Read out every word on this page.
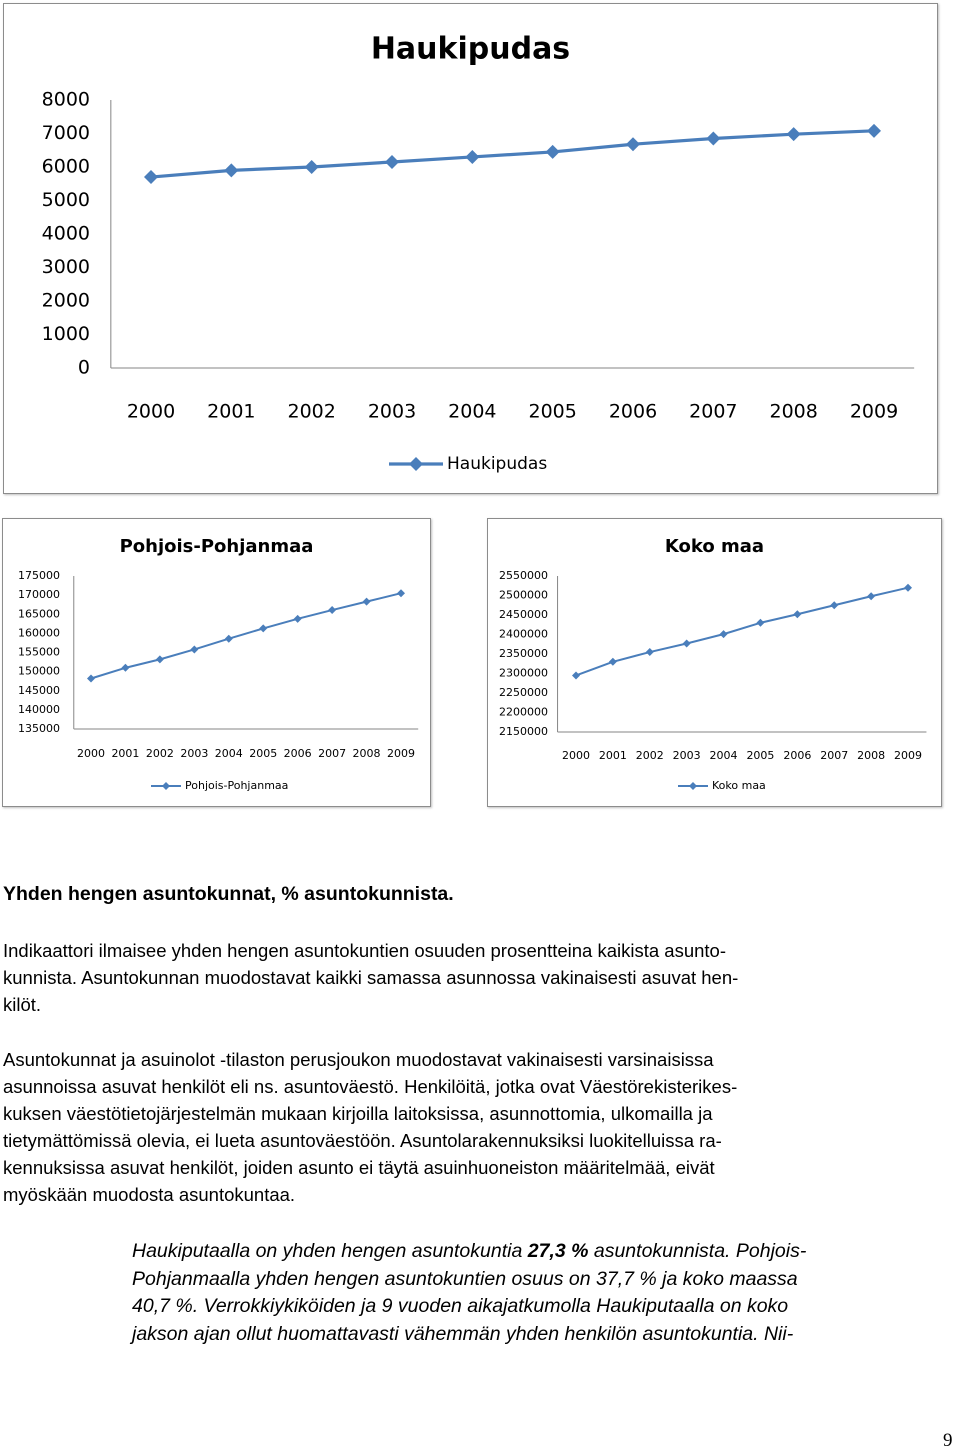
Haukipudas
8000
7000
6000
5000
4000
3000
2000
1000
0
2000 2001 2002 2003 2004 2005 2006 2007 2008 2009
Haukipudas
Pohjois-Pohjanmaa
175000
170000
165000
160000
155000
150000
145000
140000
135000
2000 2001 2002 2003 2004 2005 2006 2007 2008 2009
Pohjois-Pohjanmaa
Koko maa
2550000
2500000
2450000
2400000
2350000
2300000
2250000
2200000
2150000
2000 2001 2002 2003 2004 2005 2006 2007 2008 2009
Koko maa
Yhden hengen asuntokunnat, % asuntokunnista.
Indikaattori ilmaisee yhden hengen asuntokuntien osuuden prosentteina kaikista asunto-
kunnista. Asuntokunnan muodostavat kaikki samassa asunnossa vakinaisesti asuvat hen-
kilöt.
Asuntokunnat ja asuinolot -tilaston perusjoukon muodostavat vakinaisesti varsinaisissa
asunnoissa asuvat henkilöt eli ns. asuntoväestö. Henkilöitä, jotka ovat Väestörekisterikes-
kuksen väestötietojärjestelmän mukaan kirjoilla laitoksissa, asunnottomia, ulkomailla ja
tietymättömissä olevia, ei lueta asuntoväestöön. Asuntolarakennuksiksi luokitelluissa ra-
kennuksissa asuvat henkilöt, joiden asunto ei täytä asuinhuoneiston määritelmää, eivät
myöskään muodosta asuntokuntaa.
Haukiputaalla on yhden hengen asuntokuntia 27,3 % asuntokunnista. Pohjois-
Pohjanmaalla yhden hengen asuntokuntien osuus on 37,7 % ja koko maassa
40,7 %. Verrokkiykiköiden ja 9 vuoden aikajatkumolla Haukiputaalla on koko
jakson ajan ollut huomattavasti vähemmän yhden henkilön asuntokuntia. Nii-
9
